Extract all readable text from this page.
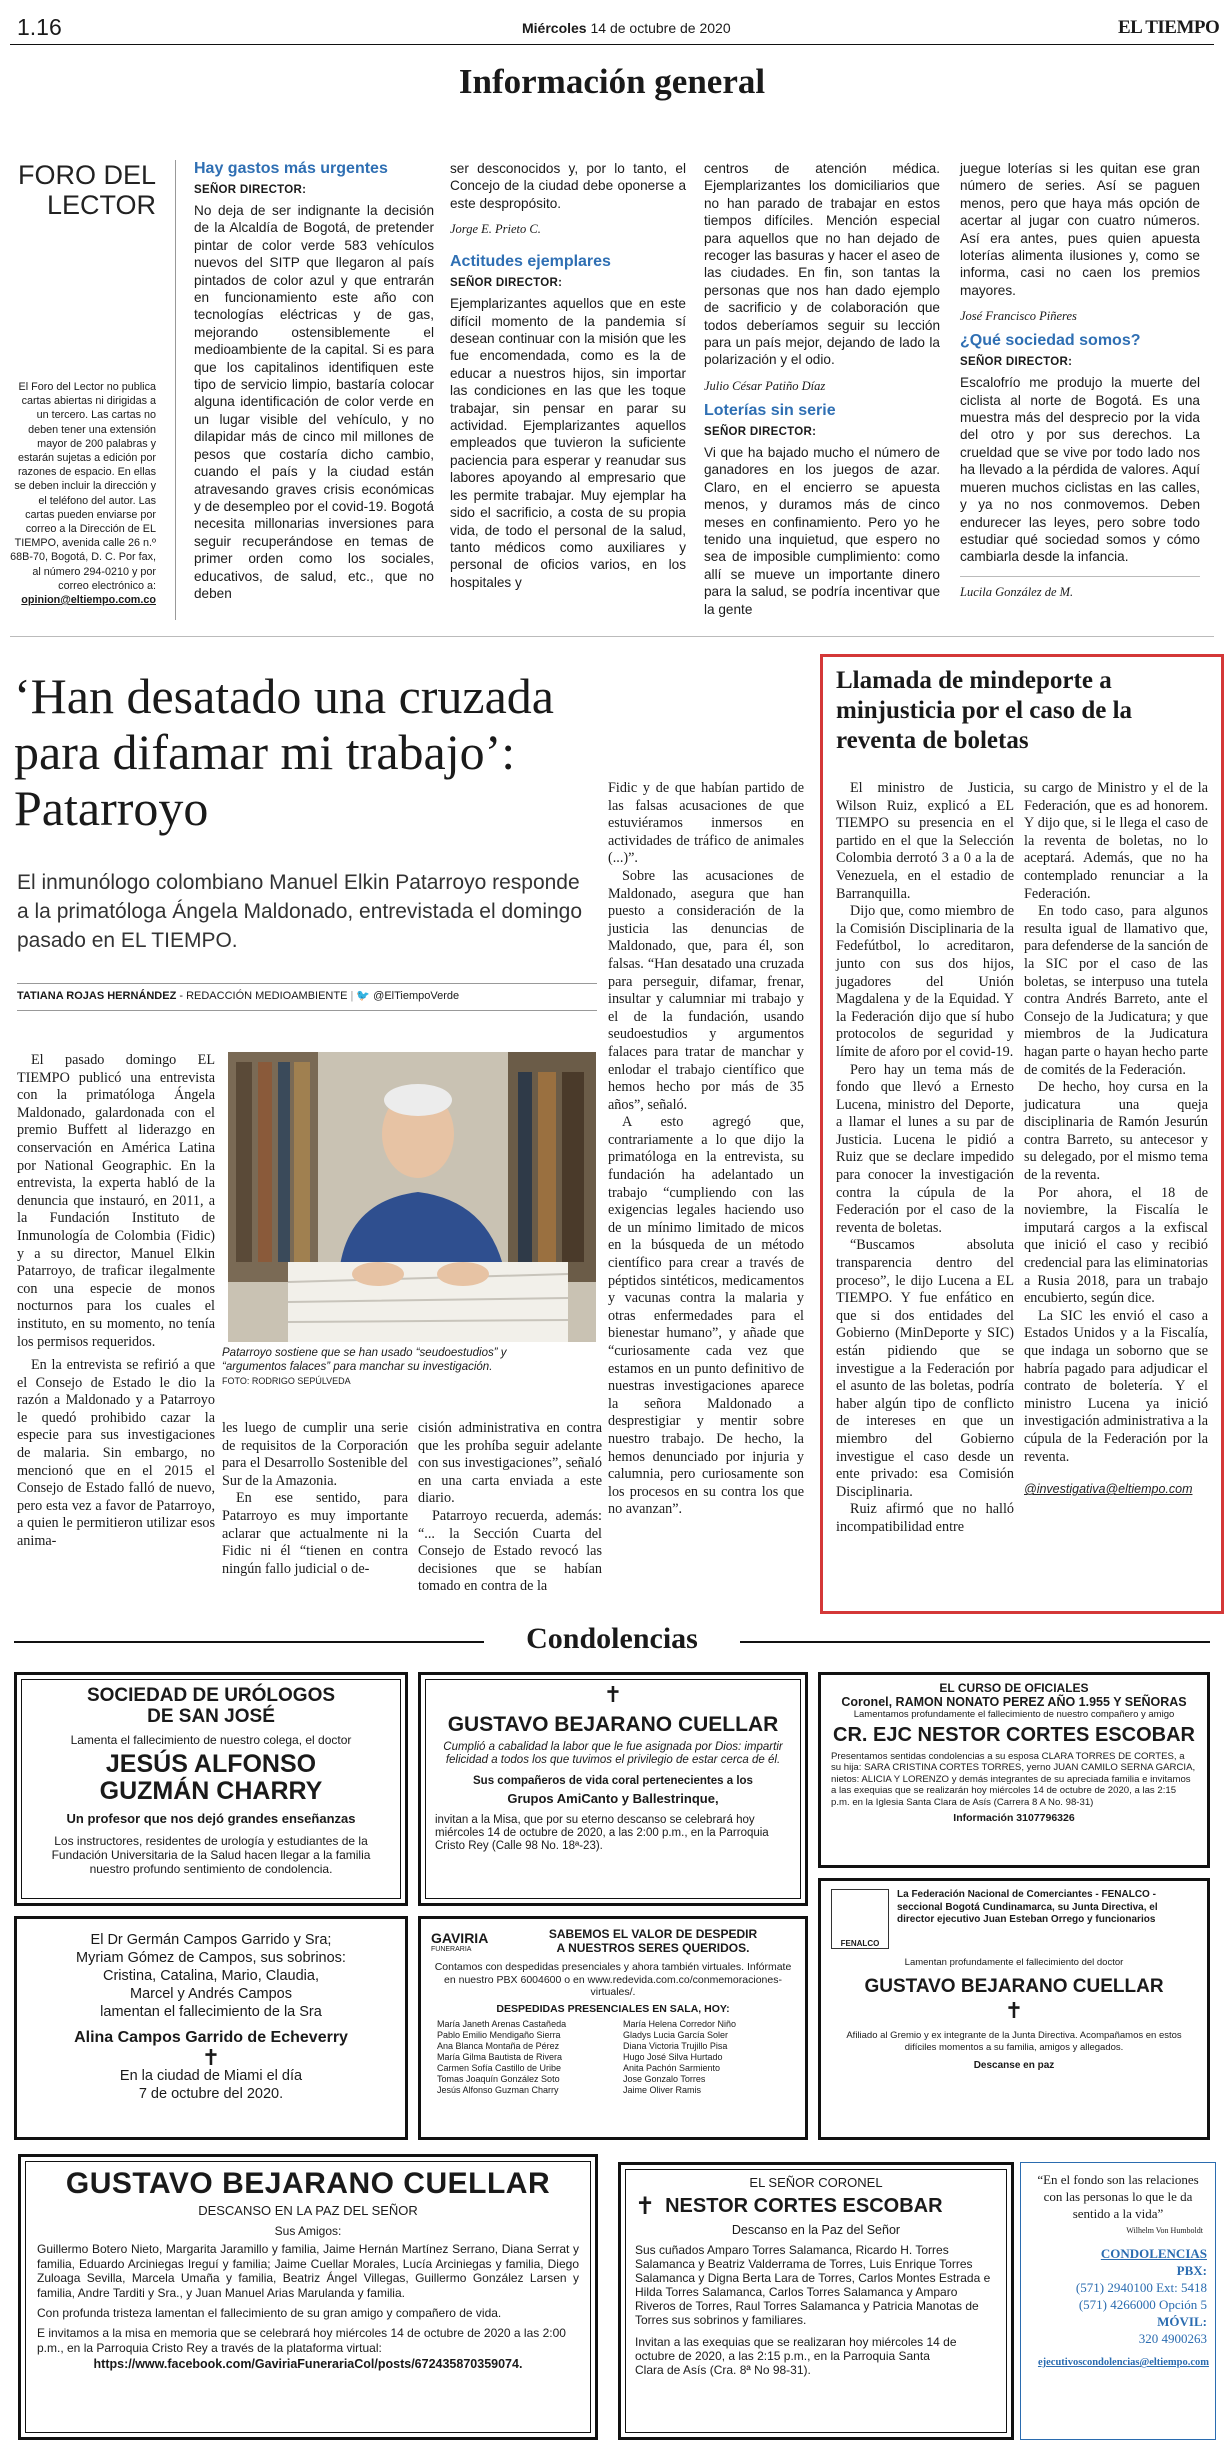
1.16	Miércoles 14 de octubre de 2020	EL TIEMPO
Información general
FORO DEL
LECTOR
El Foro del Lector no publica cartas abiertas ni dirigidas a un tercero. Las cartas no deben tener una extensión mayor de 200 palabras y estarán sujetas a edición por razones de espacio. En ellas se deben incluir la dirección y el teléfono del autor. Las cartas pueden enviarse por correo a la Dirección de EL TIEMPO, avenida calle 26 n.º 68B-70, Bogotá, D. C. Por fax, al número 294-0210 y por correo electrónico a: opinion@eltiempo.com.co
Hay gastos más urgentes
SEÑOR DIRECTOR:

No deja de ser indignante la decisión de la Alcaldía de Bogotá, de pretender pintar de color verde 583 vehículos nuevos del SITP que llegaron al país pintados de color azul y que entrarán en funcionamiento este año con tecnologías eléctricas y de gas, mejorando ostensiblemente el medioambiente de la capital. Si es para que los capitalinos identifiquen este tipo de servicio limpio, bastaría colocar alguna identificación de color verde en un lugar visible del vehículo, y no dilapidar más de cinco mil millones de pesos que costaría dicho cambio, cuando el país y la ciudad están atravesando graves crisis económicas y de desempleo por el covid-19. Bogotá necesita millonarias inversiones para seguir recuperándose en temas de primer orden como los sociales, educativos, de salud, etc., que no deben

ser desconocidos y, por lo tanto, el Concejo de la ciudad debe oponerse a este despropósito.

Jorge E. Prieto C.
Actitudes ejemplares
SEÑOR DIRECTOR:

Ejemplarizantes aquellos que en este difícil momento de la pandemia sí desean continuar con la misión que les fue encomendada, como es la de educar a nuestros hijos, sin importar las condiciones en las que les toque trabajar, sin pensar en parar su actividad. Ejemplarizantes aquellos empleados que tuvieron la suficiente paciencia para esperar y reanudar sus labores apoyando al empresario que les permite trabajar. Muy ejemplar ha sido el sacrificio, a costa de su propia vida, de todo el personal de la salud, tanto médicos como auxiliares y personal de oficios varios, en los hospitales y

centros de atención médica. Ejemplarizantes los domiciliarios que no han parado de trabajar en estos tiempos difíciles. Mención especial para aquellos que no han dejado de recoger las basuras y hacer el aseo de las ciudades. En fin, son tantas la personas que nos han dado ejemplo de sacrificio y de colaboración que todos deberíamos seguir su lección para un país mejor, dejando de lado la polarización y el odio.

Julio César Patiño Díaz
Loterías sin serie
SEÑOR DIRECTOR:

Vi que ha bajado mucho el número de ganadores en los juegos de azar. Claro, en el encierro se apuesta menos, y duramos más de cinco meses en confinamiento. Pero yo he tenido una inquietud, que espero no sea de imposible cumplimiento: como allí se mueve un importante dinero para la salud, se podría incentivar que la gente

juegue loterías si les quitan ese gran número de series. Así se paguen menos, pero que haya más opción de acertar al jugar con cuatro números. Así era antes, pues quien apuesta loterías alimenta ilusiones y, como se informa, casi no caen los premios mayores.

José Francisco Piñeres
¿Qué sociedad somos?
SEÑOR DIRECTOR:

Escalofrío me produjo la muerte del ciclista al norte de Bogotá. Es una muestra más del desprecio por la vida del otro y por sus derechos. La crueldad que se vive por todo lado nos ha llevado a la pérdida de valores. Aquí mueren muchos ciclistas en las calles, y ya no nos conmovemos. Deben endurecer las leyes, pero sobre todo estudiar qué sociedad somos y cómo cambiarla desde la infancia.

Lucila González de M.
‘Han desatado una cruzada para difamar mi trabajo’: Patarroyo
El inmunólogo colombiano Manuel Elkin Patarroyo responde a la primatóloga Ángela Maldonado, entrevistada el domingo pasado en EL TIEMPO.
TATIANA ROJAS HERNÁNDEZ - REDACCIÓN MEDIOAMBIENTE | 🐦 @ElTiempoVerde

El pasado domingo EL TIEMPO publicó una entrevista con la primatóloga Ángela Maldonado, galardonada con el premio Buffett al liderazgo en conservación en América Latina por National Geographic. En la entrevista, la experta habló de la denuncia que instauró, en 2011, a la Fundación Instituto de Inmunología de Colombia (Fidic) y a su director, Manuel Elkin Patarroyo, de traficar ilegalmente con una especie de monos nocturnos para los cuales el instituto, en su momento, no tenía los permisos requeridos.

En la entrevista se refirió a que el Consejo de Estado le dio la razón a Maldonado y a Patarroyo le quedó prohibido cazar la especie para sus investigaciones de malaria. Sin embargo, no mencionó que en el 2015 el Consejo de Estado falló de nuevo, pero esta vez a favor de Patarroyo, a quien le permitieron utilizar esos anima-

Patarroyo sostiene que se han usado “seudoestudios” y “argumentos falaces” para manchar su investigación. FOTO: RODRIGO SEPÚLVEDA

les luego de cumplir una serie de requisitos de la Corporación para el Desarrollo Sostenible del Sur de la Amazonia.

En ese sentido, para Patarroyo es muy importante aclarar que actualmente ni la Fidic ni él “tienen en contra ningún fallo judicial o de-

cisión administrativa en contra que les prohíba seguir adelante con sus investigaciones”, señaló en una carta enviada a este diario.

Patarroyo recuerda, además: “... la Sección Cuarta del Consejo de Estado revocó las decisiones que se habían tomado en contra de la

Fidic y de que habían partido de las falsas acusaciones de que estuviéramos inmersos en actividades de tráfico de animales (...)”.

Sobre las acusaciones de Maldonado, asegura que han puesto a consideración de la justicia las denuncias de Maldonado, que, para él, son falsas. “Han desatado una cruzada para perseguir, difamar, frenar, insultar y calumniar mi trabajo y el de la fundación, usando seudoestudios y argumentos falaces para tratar de manchar y enlodar el trabajo científico que hemos hecho por más de 35 años”, señaló.

A esto agregó que, contrariamente a lo que dijo la primatóloga en la entrevista, su fundación ha adelantado un trabajo “cumpliendo con las exigencias legales haciendo uso de un mínimo limitado de micos en la búsqueda de un método científico para crear a través de péptidos sintéticos, medicamentos y vacunas contra la malaria y otras enfermedades para el bienestar humano”, y añade que “curiosamente cada vez que estamos en un punto definitivo de nuestras investigaciones aparece la señora Maldonado a desprestigiar y mentir sobre nuestro trabajo. De hecho, la hemos denunciado por injuria y calumnia, pero curiosamente son los procesos en su contra los que no avanzan”.

Llamada de mindeporte a minjusticia por el caso de la reventa de boletas

El ministro de Justicia, Wilson Ruiz, explicó a EL TIEMPO su presencia en el partido en el que la Selección Colombia derrotó 3 a 0 a la de Venezuela, en el estadio de Barranquilla.

Dijo que, como miembro de la Comisión Disciplinaria de la Fedefútbol, lo acreditaron, junto con sus dos hijos, jugadores del Unión Magdalena y de la Equidad. Y la Federación dijo que sí hubo protocolos de seguridad y límite de aforo por el covid-19.

Pero hay un tema más de fondo que llevó a Ernesto Lucena, ministro del Deporte, a llamar el lunes a su par de Justicia. Lucena le pidió a Ruiz que se declare impedido para conocer la investigación contra la cúpula de la Federación por el caso de la reventa de boletas.

“Buscamos absoluta transparencia dentro del proceso”, le dijo Lucena a EL TIEMPO. Y fue enfático en que si dos entidades del Gobierno (MinDeporte y SIC) están pidiendo que se investigue a la Federación por el asunto de las boletas, podría haber algún tipo de conflicto de intereses en que un miembro del Gobierno investigue el caso desde un ente privado: esa Comisión Disciplinaria.

Ruiz afirmó que no halló incompatibilidad entre

su cargo de Ministro y el de la Federación, que es ad honorem. Y dijo que, si le llega el caso de la reventa de boletas, no lo aceptará. Además, que no ha contemplado renunciar a la Federación.

En todo caso, para algunos resulta igual de llamativo que, para defenderse de la sanción de la SIC por el caso de las boletas, se interpuso una tutela contra Andrés Barreto, ante el Consejo de la Judicatura; y que miembros de la Judicatura hagan parte o hayan hecho parte de comités de la Federación.

De hecho, hoy cursa en la judicatura una queja disciplinaria de Ramón Jesurún contra Barreto, su antecesor y su delegado, por el mismo tema de la reventa.

Por ahora, el 18 de noviembre, la Fiscalía le imputará cargos a la exfiscal que inició el caso y recibió credencial para las eliminatorias a Rusia 2018, para un trabajo encubierto, según dice.

La SIC les envió el caso a Estados Unidos y a la Fiscalía, que indaga un soborno que se habría pagado para adjudicar el contrato de boletería. Y el ministro Lucena ya inició investigación administrativa a la cúpula de la Federación por la reventa.

@investigativa@eltiempo.com
Condolencias
SOCIEDAD DE URÓLOGOS
DE SAN JOSÉ
Lamenta el fallecimiento de nuestro colega, el doctor
JESÚS ALFONSO
GUZMÁN CHARRY
Un profesor que nos dejó grandes enseñanzas
Los instructores, residentes de urología y estudiantes de la Fundación Universitaria de la Salud hacen llegar a la familia nuestro profundo sentimiento de condolencia.
✝
GUSTAVO BEJARANO CUELLAR
Cumplió a cabalidad la labor que le fue asignada por Dios: impartir felicidad a todos los que tuvimos el privilegio de estar cerca de él.
Sus compañeros de vida coral pertenecientes a los
Grupos AmiCanto y Ballestrinque,
invitan a la Misa, que por su eterno descanso se celebrará hoy miércoles 14 de octubre de 2020, a las 2:00 p.m., en la Parroquia Cristo Rey (Calle 98 No. 18ª-23).
EL CURSO DE OFICIALES
Coronel, RAMON NONATO PEREZ AÑO 1.955 Y SEÑORAS
Lamentamos profundamente el fallecimiento de nuestro compañero y amigo
CR. EJC NESTOR CORTES ESCOBAR
Presentamos sentidas condolencias a su esposa CLARA TORRES DE CORTES, a su hija: SARA CRISTINA CORTES TORRES, yerno JUAN CAMILO SERNA GARCIA, nietos: ALICIA Y LORENZO y demás integrantes de su apreciada familia e invitamos a las exequias que se realizarán hoy miércoles 14 de octubre de 2020, a las 2:15 p.m. en la Iglesia Santa Clara de Asís (Carrera 8 A No. 98-31)
Información 3107796326
El Dr Germán Campos Garrido y Sra;
Myriam Gómez de Campos, sus sobrinos:
Cristina, Catalina, Mario, Claudia,
Marcel y Andrés Campos
lamentan el fallecimiento de la Sra
Alina Campos Garrido de Echeverry
✝
En la ciudad de Miami el día
7 de octubre del 2020.
GAVIRIA
FUNERARIA
SABEMOS EL VALOR DE DESPEDIR
A NUESTROS SERES QUERIDOS.
Contamos con despedidas presenciales y ahora también virtuales. Infórmate en nuestro PBX 6004600 o en www.redevida.com.co/conmemoraciones-virtuales/.
DESPEDIDAS PRESENCIALES EN SALA, HOY:
María Janeth Arenas Castañeda
Pablo Emilio Mendigaño Sierra
Ana Blanca Montaña de Pérez
María Gilma Bautista de Rivera
Carmen Sofía Castillo de Uribe
Tomas Joaquín González Soto
Jesús Alfonso Guzman Charry
María Helena Corredor Niño
Gladys Lucia García Soler
Diana Victoria Trujillo Pisa
Hugo José Silva Hurtado
Anita Pachón Sarmiento
Jose Gonzalo Torres
Jaime Oliver Ramis
FENALCO
La Federación Nacional de Comerciantes - FENALCO - seccional Bogotá Cundinamarca, su Junta Directiva, el director ejecutivo Juan Esteban Orrego y funcionarios
Lamentan profundamente el fallecimiento del doctor
GUSTAVO BEJARANO CUELLAR
✝
Afiliado al Gremio y ex integrante de la Junta Directiva. Acompañamos en estos difíciles momentos a su familia, amigos y allegados.
Descanse en paz
GUSTAVO BEJARANO CUELLAR
DESCANSO EN LA PAZ DEL SEÑOR
Sus Amigos:
Guillermo Botero Nieto, Margarita Jaramillo y familia, Jaime Hernán Martínez Serrano, Diana Serrat y familia, Eduardo Arciniegas Ireguí y familia; Jaime Cuellar Morales, Lucía Arciniegas y familia, Diego Zuloaga Sevilla, Marcela Umaña y familia, Beatriz Ángel Villegas, Guillermo González Larsen y familia, Andre Tarditi y Sra., y Juan Manuel Arias Marulanda y familia.
Con profunda tristeza lamentan el fallecimiento de su gran amigo y compañero de vida.
E invitamos a la misa en memoria que se celebrará hoy miércoles 14 de octubre de 2020 a las 2:00 p.m., en la Parroquia Cristo Rey a través de la plataforma virtual:
https://www.facebook.com/GaviriaFunerariaCol/posts/672435870359074.
EL SEÑOR CORONEL
✝ NESTOR CORTES ESCOBAR
Descanso en la Paz del Señor
Sus cuñados Amparo Torres Salamanca, Ricardo H. Torres Salamanca y Beatriz Valderrama de Torres, Luis Enrique Torres Salamanca y Digna Berta Lara de Torres, Carlos Montes Estrada e Hilda Torres Salamanca, Carlos Torres Salamanca y Amparo Riveros de Torres, Raul Torres Salamanca y Patricia Manotas de Torres sus sobrinos y familiares.
Invitan a las exequias que se realizaran hoy miércoles 14 de octubre de 2020, a las 2:15 p.m., en la Parroquia Santa Clara de Asís (Cra. 8ª No 98-31).
“En el fondo son las relaciones con las personas lo que le da sentido a la vida”
Wilhelm Von Humboldt
CONDOLENCIAS
PBX:
(571) 2940100 Ext: 5418
(571) 4266000 Opción 5
MÓVIL:
320 4900263
ejecutivoscondolencias@eltiempo.com
